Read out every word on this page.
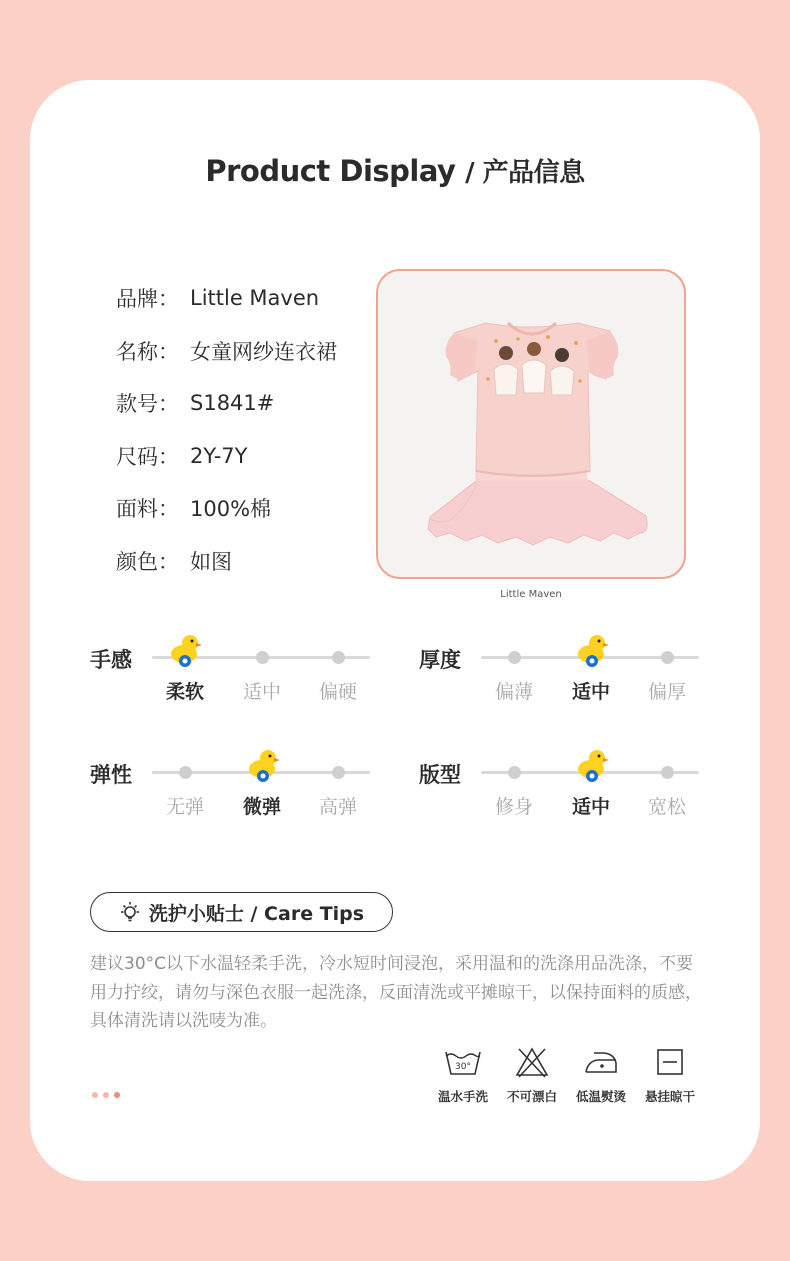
Product Display / 产品信息
品牌： Little Maven
名称： 女童网纱连衣裙
款号： S1841#
尺码： 2Y-7Y
面料： 100%棉
颜色： 如图
Little Maven
手感
柔软	适中	偏硬
厚度
偏薄	适中	偏厚
弹性
无弹	微弹	高弹
版型
修身	适中	宽松
洗护小贴士 / Care Tips
建议30°C以下水温轻柔手洗，冷水短时间浸泡，采用温和的洗涤用品洗涤，不要用力拧绞，请勿与深色衣服一起洗涤，反面清洗或平摊晾干，以保持面料的质感，具体清洗请以洗唛为准。
30°
温水手洗	不可漂白	低温熨烫	悬挂晾干
